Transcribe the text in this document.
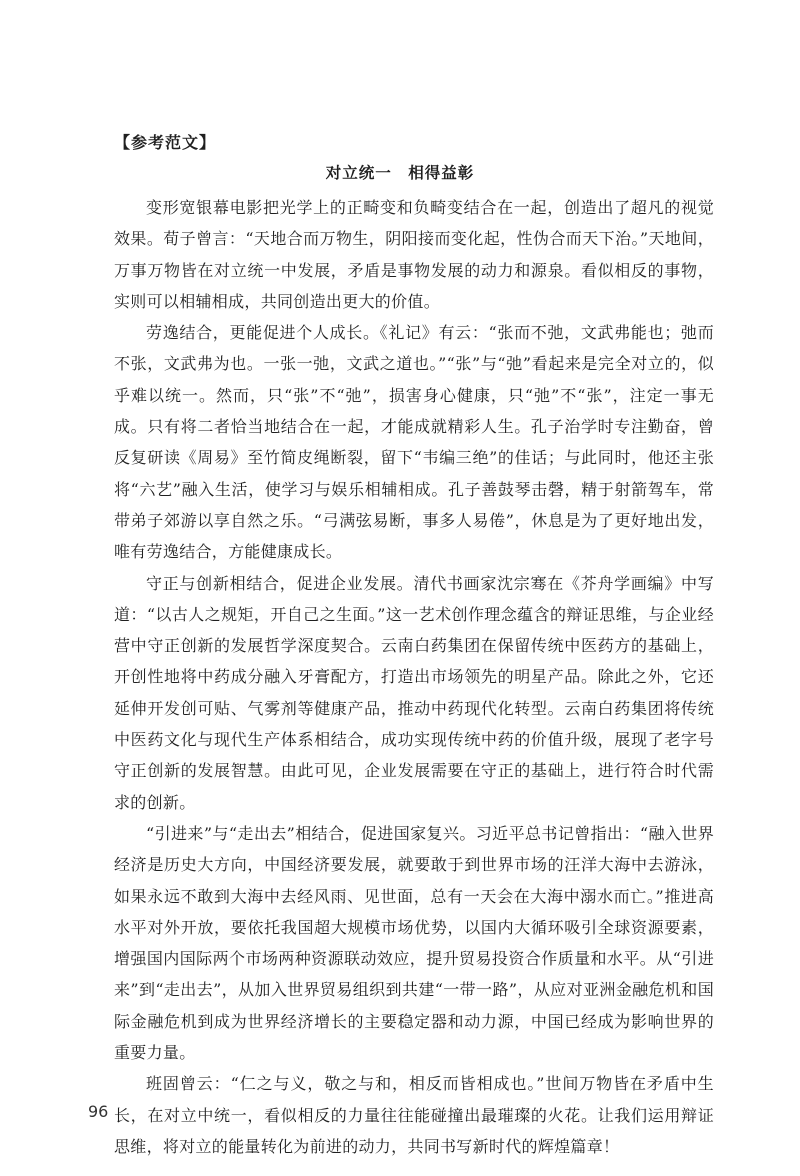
【参考范文】
对立统一　相得益彰

变形宽银幕电影把光学上的正畸变和负畸变结合在一起，创造出了超凡的视觉效果。荀子曾言：“天地合而万物生，阴阳接而变化起，性伪合而天下治。”天地间，万事万物皆在对立统一中发展，矛盾是事物发展的动力和源泉。看似相反的事物，实则可以相辅相成，共同创造出更大的价值。

劳逸结合，更能促进个人成长。《礼记》有云：“张而不弛，文武弗能也；弛而不张，文武弗为也。一张一弛，文武之道也。”“张”与“弛”看起来是完全对立的，似乎难以统一。然而，只“张”不“弛”，损害身心健康，只“弛”不“张”，注定一事无成。只有将二者恰当地结合在一起，才能成就精彩人生。孔子治学时专注勤奋，曾反复研读《周易》至竹简皮绳断裂，留下“韦编三绝”的佳话；与此同时，他还主张将“六艺”融入生活，使学习与娱乐相辅相成。孔子善鼓琴击磬，精于射箭驾车，常带弟子郊游以享自然之乐。“弓满弦易断，事多人易倦”，休息是为了更好地出发，唯有劳逸结合，方能健康成长。

守正与创新相结合，促进企业发展。清代书画家沈宗骞在《芥舟学画编》中写道：“以古人之规矩，开自己之生面。”这一艺术创作理念蕴含的辩证思维，与企业经营中守正创新的发展哲学深度契合。云南白药集团在保留传统中医药方的基础上，开创性地将中药成分融入牙膏配方，打造出市场领先的明星产品。除此之外，它还延伸开发创可贴、气雾剂等健康产品，推动中药现代化转型。云南白药集团将传统中医药文化与现代生产体系相结合，成功实现传统中药的价值升级，展现了老字号守正创新的发展智慧。由此可见，企业发展需要在守正的基础上，进行符合时代需求的创新。

“引进来”与“走出去”相结合，促进国家复兴。习近平总书记曾指出：“融入世界经济是历史大方向，中国经济要发展，就要敢于到世界市场的汪洋大海中去游泳，如果永远不敢到大海中去经风雨、见世面，总有一天会在大海中溺水而亡。”推进高水平对外开放，要依托我国超大规模市场优势，以国内大循环吸引全球资源要素，增强国内国际两个市场两种资源联动效应，提升贸易投资合作质量和水平。从“引进来”到“走出去”，从加入世界贸易组织到共建“一带一路”，从应对亚洲金融危机和国际金融危机到成为世界经济增长的主要稳定器和动力源，中国已经成为影响世界的重要力量。

班固曾云：“仁之与义，敬之与和，相反而皆相成也。”世间万物皆在矛盾中生长，在对立中统一，看似相反的力量往往能碰撞出最璀璨的火花。让我们运用辩证思维，将对立的能量转化为前进的动力，共同书写新时代的辉煌篇章！

96
